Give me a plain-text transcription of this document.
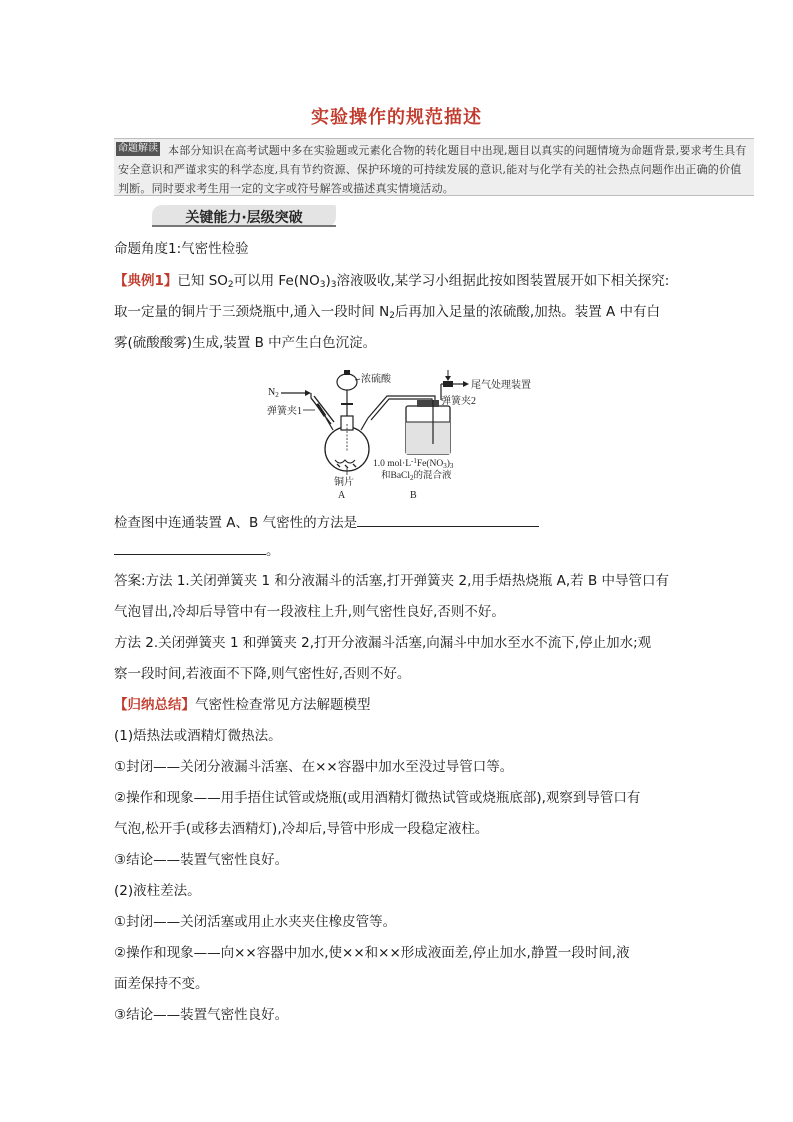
实验操作的规范描述
命题解读 本部分知识在高考试题中多在实验题或元素化合物的转化题目中出现,题目以真实的问题情境为命题背景,要求考生具有安全意识和严谨求实的科学态度,具有节约资源、保护环境的可持续发展的意识,能对与化学有关的社会热点问题作出正确的价值判断。同时要求考生用一定的文字或符号解答或描述真实情境活动。
关键能力·层级突破
命题角度1:气密性检验
【典例1】已知 $SO_2$可以用 $Fe(NO_3)_3$溶液吸收,某学习小组据此按如图装置展开如下相关探究:
取一定量的铜片于三颈烧瓶中,通入一段时间 $N_2$后再加入足量的浓硫酸,加热。装置 A 中有白
雾(硫酸酸雾)生成,装置 B 中产生白色沉淀。
$N_2$
弹簧夹1
浓硫酸
弹簧夹2
尾气处理装置
铜片
1.0 $mol\cdot L^{-1}Fe(NO_3)_3$
和BaCl$_2$的混合液
A	B
检查图中连通装置 A、B 气密性的方法是
。
答案:方法 1.关闭弹簧夹 1 和分液漏斗的活塞,打开弹簧夹 2,用手焐热烧瓶 A,若 B 中导管口有
气泡冒出,冷却后导管中有一段液柱上升,则气密性良好,否则不好。
方法 2.关闭弹簧夹 1 和弹簧夹 2,打开分液漏斗活塞,向漏斗中加水至水不流下,停止加水;观
察一段时间,若液面不下降,则气密性好,否则不好。
【归纳总结】气密性检查常见方法解题模型
(1)焐热法或酒精灯微热法。
①封闭——关闭分液漏斗活塞、在××容器中加水至没过导管口等。
②操作和现象——用手捂住试管或烧瓶(或用酒精灯微热试管或烧瓶底部),观察到导管口有
气泡,松开手(或移去酒精灯),冷却后,导管中形成一段稳定液柱。
③结论——装置气密性良好。
(2)液柱差法。
①封闭——关闭活塞或用止水夹夹住橡皮管等。
②操作和现象——向××容器中加水,使××和××形成液面差,停止加水,静置一段时间,液
面差保持不变。
③结论——装置气密性良好。
